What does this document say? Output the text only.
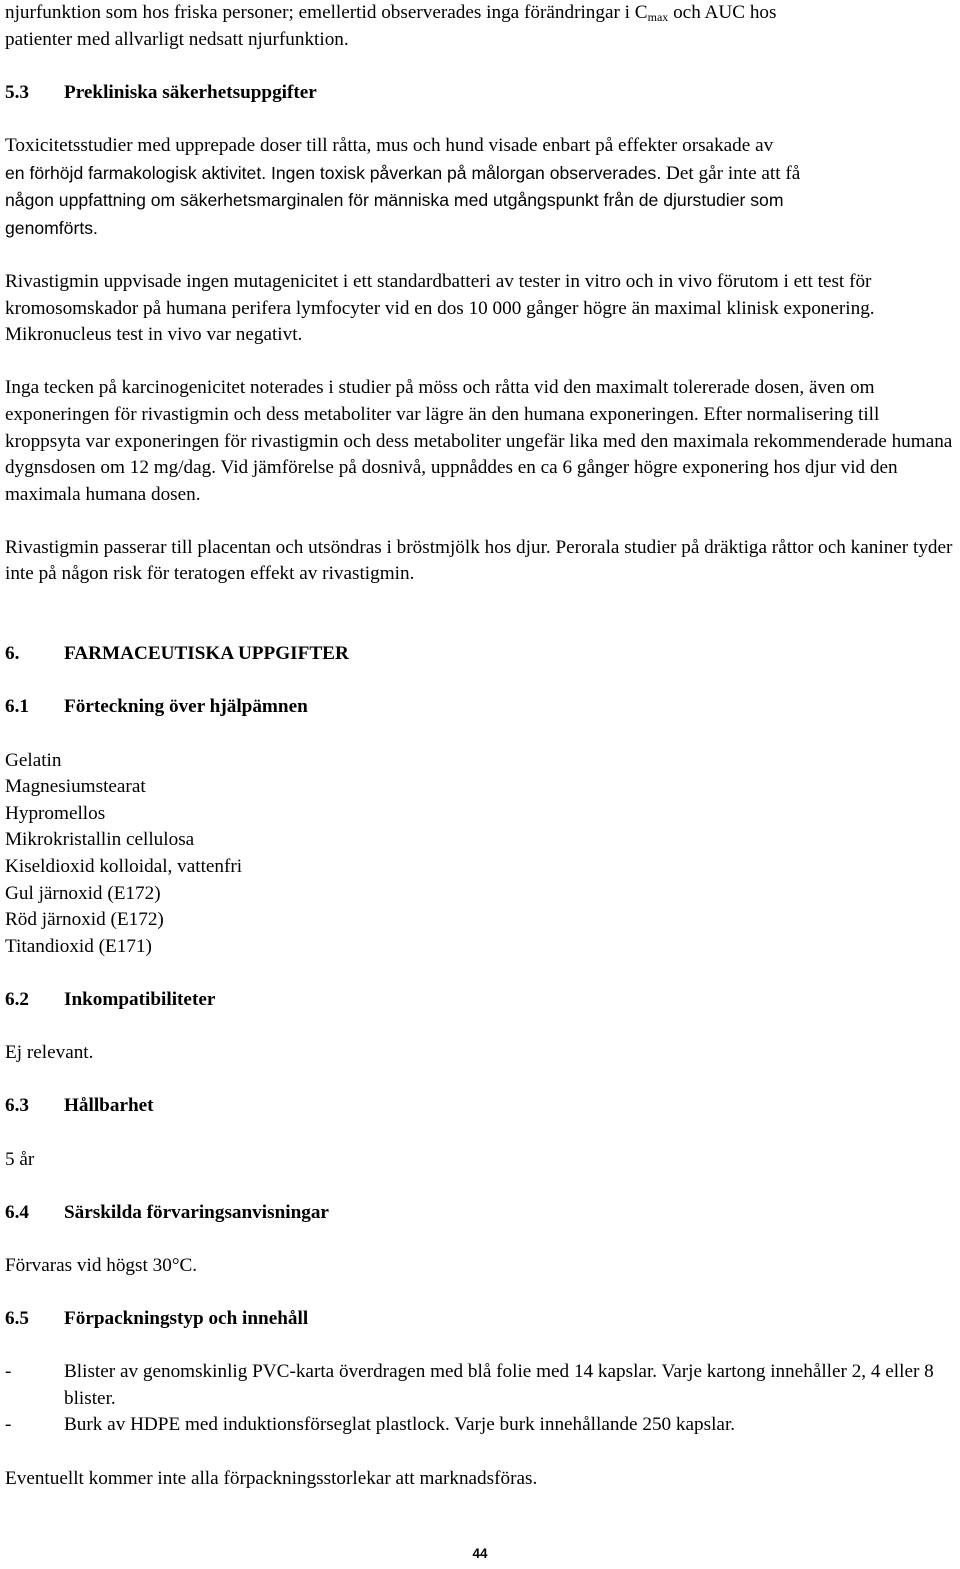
njurfunktion som hos friska personer; emellertid observerades inga förändringar i $C_{max}$ och AUC hos
patienter med allvarligt nedsatt njurfunktion.

5.3	Prekliniska säkerhetsuppgifter

Toxicitetsstudier med upprepade doser till råtta, mus och hund visade enbart på effekter orsakade av
en förhöjd farmakologisk aktivitet. Ingen toxisk påverkan på målorgan observerades. Det går inte att få
någon uppfattning om säkerhetsmarginalen för människa med utgångspunkt från de djurstudier som
genomförts.

Rivastigmin uppvisade ingen mutagenicitet i ett standardbatteri av tester in vitro och in vivo förutom i ett test för kromosomskador på humana perifera lymfocyter vid en dos 10 000 gånger högre än maximal klinisk exponering. Mikronucleus test in vivo var negativt.

Inga tecken på karcinogenicitet noterades i studier på möss och råtta vid den maximalt tolererade dosen, även om exponeringen för rivastigmin och dess metaboliter var lägre än den humana exponeringen. Efter normalisering till kroppsyta var exponeringen för rivastigmin och dess metaboliter ungefär lika med den maximala rekommenderade humana dygnsdosen om 12 mg/dag. Vid jämförelse på dosnivå, uppnåddes en ca 6 gånger högre exponering hos djur vid den maximala humana dosen.

Rivastigmin passerar till placentan och utsöndras i bröstmjölk hos djur. Perorala studier på dräktiga råttor och kaniner tyder inte på någon risk för teratogen effekt av rivastigmin.

6.	FARMACEUTISKA UPPGIFTER
6.1	Förteckning över hjälpämnen

Gelatin

Magnesiumstearat

Hypromellos

Mikrokristallin cellulosa

Kiseldioxid kolloidal, vattenfri

Gul järnoxid (E172)

Röd järnoxid (E172)

Titandioxid (E171)

6.2	Inkompatibiliteter

Ej relevant.

6.3	Hållbarhet

5 år

6.4	Särskilda förvaringsanvisningar

Förvaras vid högst 30°C.

6.5	Förpackningstyp och innehåll
-	Blister av genomskinlig PVC-karta överdragen med blå folie med 14 kapslar. Varje kartong innehåller 2, 4 eller 8 blister.
-	Burk av HDPE med induktionsförseglat plastlock. Varje burk innehållande 250 kapslar.

Eventuellt kommer inte alla förpackningsstorlekar att marknadsföras.

44
